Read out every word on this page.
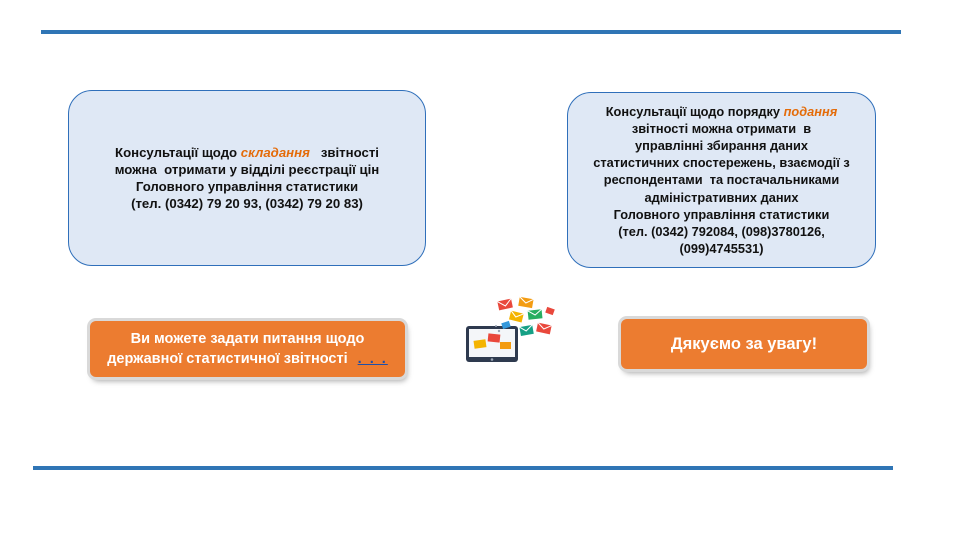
Консультації щодо складання   звітності
можна  отримати у відділі реєстрації цін
Головного управління статистики
(тел. (0342) 79 20 93, (0342) 79 20 83)
Консультації щодо порядку подання
звітності можна отримати  в
управлінні збирання даних
статистичних спостережень, взаємодії з
респондентами  та постачальниками
адміністративних даних
Головного управління статистики
(тел. (0342) 792084, (098)3780126,
(099)4745531)
Ви можете задати питання щодо
державної статистичної звітності . . .
Дякуємо за увагу!
